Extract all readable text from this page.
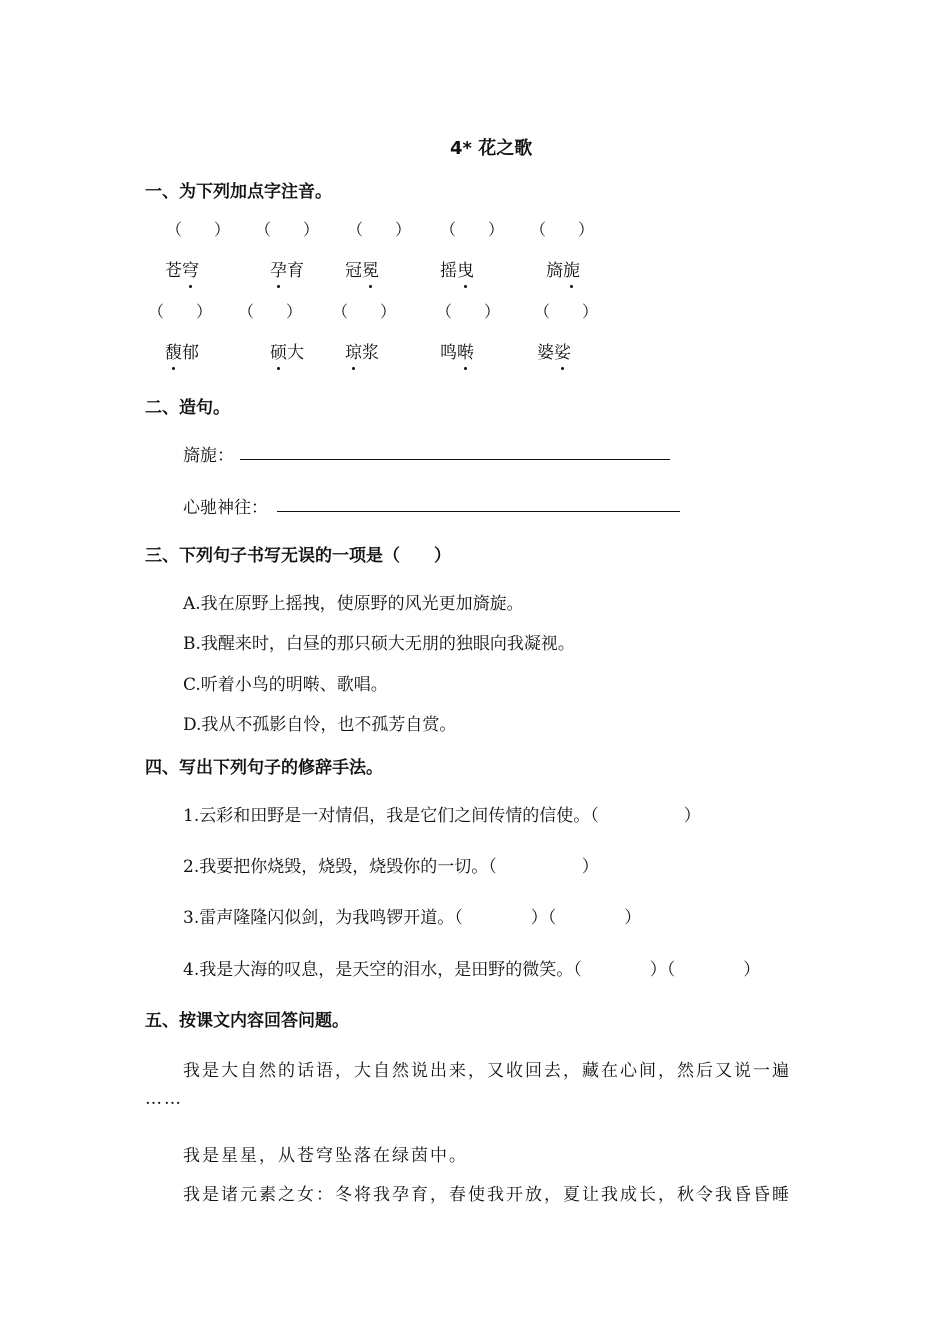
4* 花之歌
一、为下列加点字注音。
（　　） （　　） （　　） （　　） （　　）
苍穹	孕育 冠冕	摇曳	旖旎
（　　） （　　） （　　） （　　） （　　）
馥郁	硕大 琼浆	鸣啭	婆娑
二、造句。
旖旎：
心驰神往：
三、下列句子书写无误的一项是（　　）
A.我在原野上摇拽，使原野的风光更加旖旋。
B.我醒来时，白昼的那只硕大无朋的独眼向我凝视。
C.听着小鸟的明啭、歌唱。
D.我从不孤影自怜，也不孤芳自赏。
四、写出下列句子的修辞手法。
1.云彩和田野是一对情侣，我是它们之间传情的信使。（　　　　　）
2.我要把你烧毁，烧毁，烧毁你的一切。（　　　　　）
3.雷声隆隆闪似剑，为我鸣锣开道。（　　　　）（　　　　）
4.我是大海的叹息，是天空的泪水，是田野的微笑。（　　　　）（　　　　）
五、按课文内容回答问题。
我是大自然的话语，大自然说出来，又收回去，藏在心间，然后又说一遍
……
我是星星，从苍穹坠落在绿茵中。
我是诸元素之女：冬将我孕育，春使我开放，夏让我成长，秋令我昏昏睡
